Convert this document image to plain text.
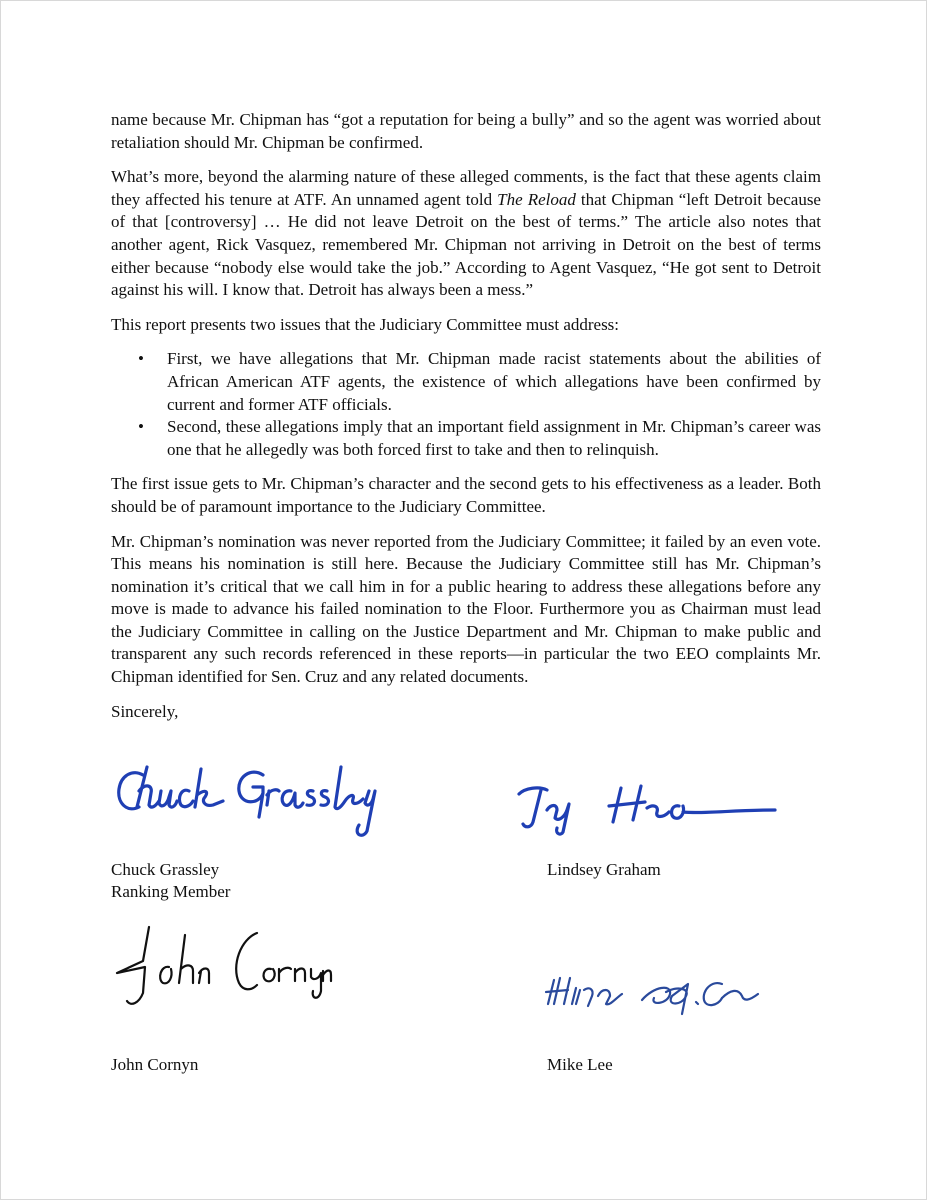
name because Mr. Chipman has “got a reputation for being a bully” and so the agent was worried about retaliation should Mr. Chipman be confirmed.

What’s more, beyond the alarming nature of these alleged comments, is the fact that these agents claim they affected his tenure at ATF. An unnamed agent told The Reload that Chipman “left Detroit because of that [controversy] … He did not leave Detroit on the best of terms.” The article also notes that another agent, Rick Vasquez, remembered Mr. Chipman not arriving in Detroit on the best of terms either because “nobody else would take the job.” According to Agent Vasquez, “He got sent to Detroit against his will. I know that. Detroit has always been a mess.”

This report presents two issues that the Judiciary Committee must address:

• First, we have allegations that Mr. Chipman made racist statements about the abilities of African American ATF agents, the existence of which allegations have been confirmed by current and former ATF officials.
• Second, these allegations imply that an important field assignment in Mr. Chipman’s career was one that he allegedly was both forced first to take and then to relinquish.

The first issue gets to Mr. Chipman’s character and the second gets to his effectiveness as a leader. Both should be of paramount importance to the Judiciary Committee.

Mr. Chipman’s nomination was never reported from the Judiciary Committee; it failed by an even vote. This means his nomination is still here. Because the Judiciary Committee still has Mr. Chipman’s nomination it’s critical that we call him in for a public hearing to address these allegations before any move is made to advance his failed nomination to the Floor. Furthermore you as Chairman must lead the Judiciary Committee in calling on the Justice Department and Mr. Chipman to make public and transparent any such records referenced in these reports—in particular the two EEO complaints Mr. Chipman identified for Sen. Cruz and any related documents.

Sincerely,

Chuck Grassley
Ranking Member
Lindsey Graham
John Cornyn	Mike Lee
